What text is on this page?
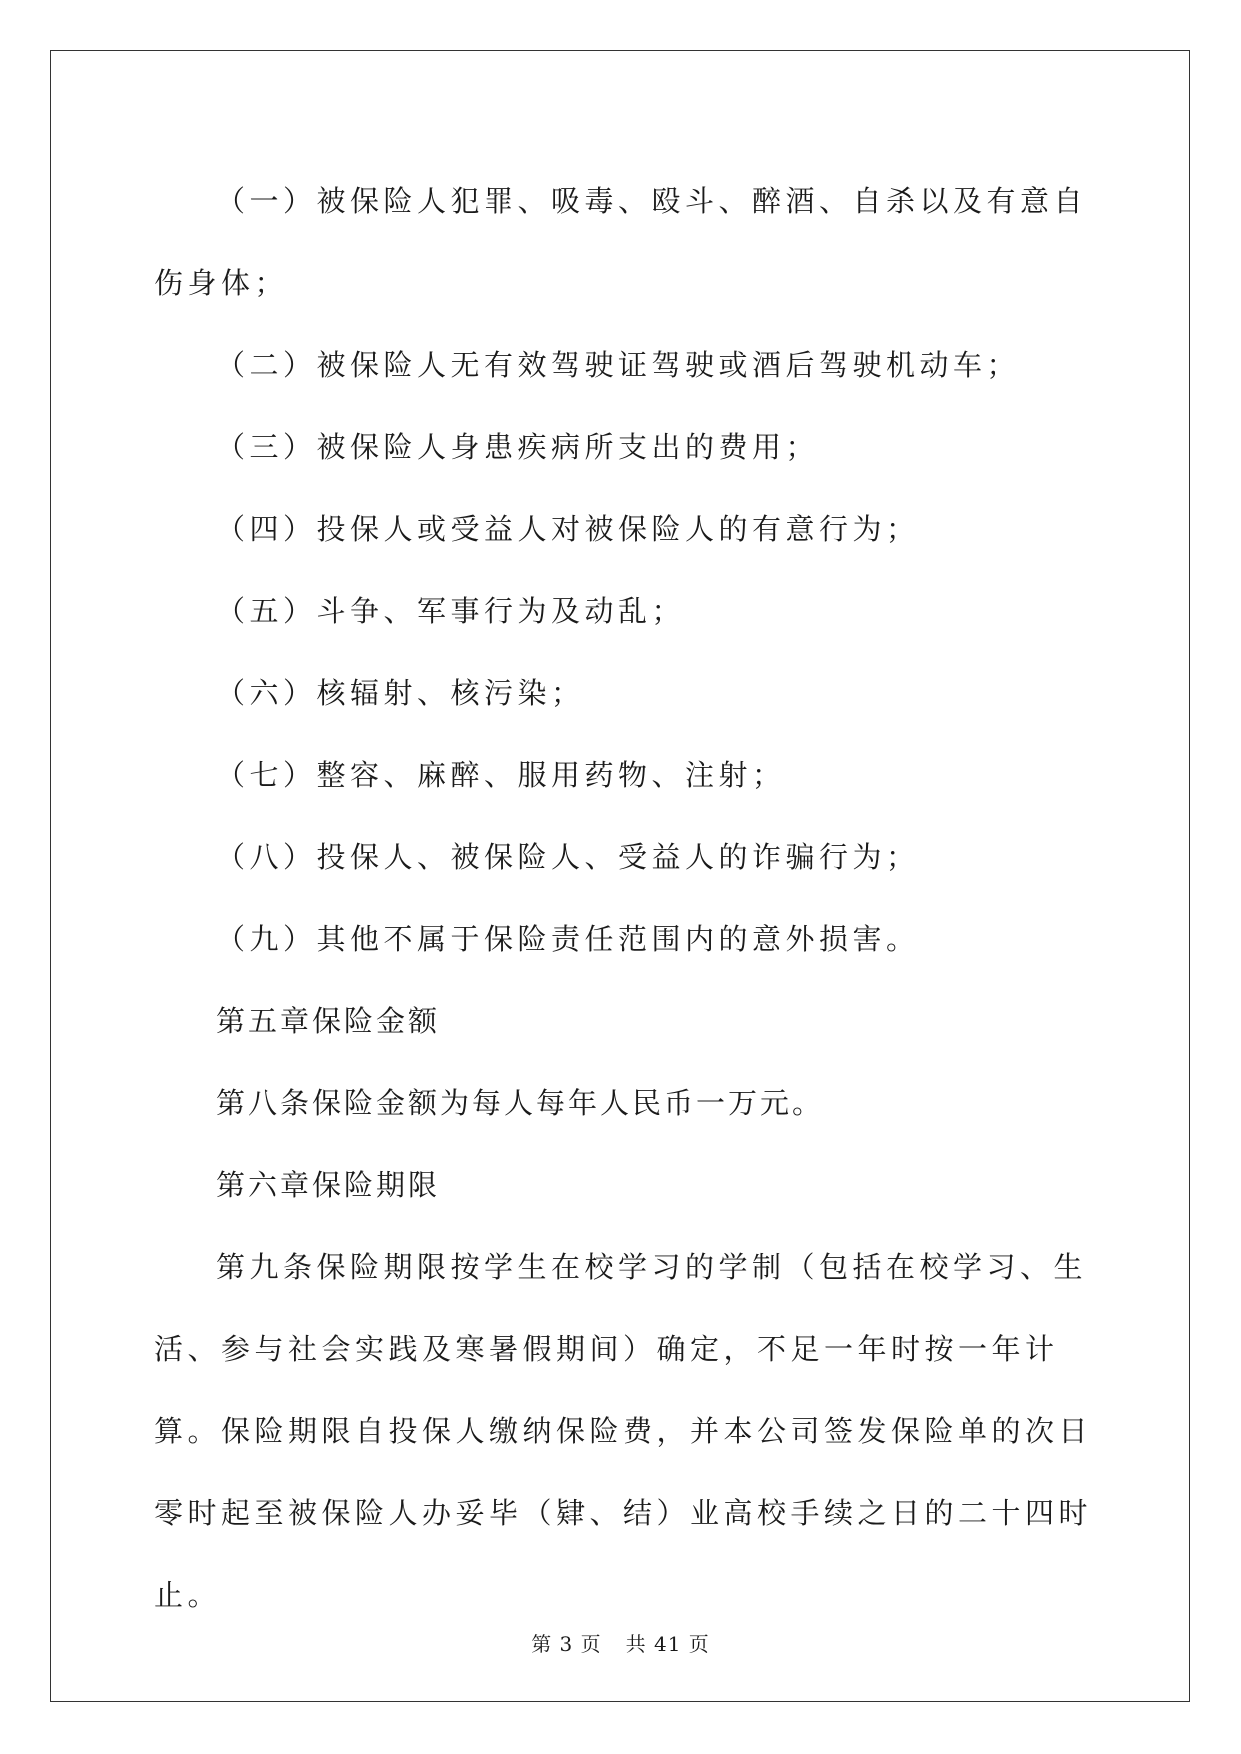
（一）被保险人犯罪、吸毒、殴斗、醉酒、自杀以及有意自伤身体；

（二）被保险人无有效驾驶证驾驶或酒后驾驶机动车；

（三）被保险人身患疾病所支出的费用；

（四）投保人或受益人对被保险人的有意行为；

（五）斗争、军事行为及动乱；

（六）核辐射、核污染；

（七）整容、麻醉、服用药物、注射；

（八）投保人、被保险人、受益人的诈骗行为；

（九）其他不属于保险责任范围内的意外损害。

第五章保险金额

第八条保险金额为每人每年人民币一万元。

第六章保险期限

第九条保险期限按学生在校学习的学制（包括在校学习、生活、参与社会实践及寒暑假期间）确定，不足一年时按一年计算。保险期限自投保人缴纳保险费，并本公司签发保险单的次日零时起至被保险人办妥毕（肄、结）业高校手续之日的二十四时止。

第 3 页 共 41 页
